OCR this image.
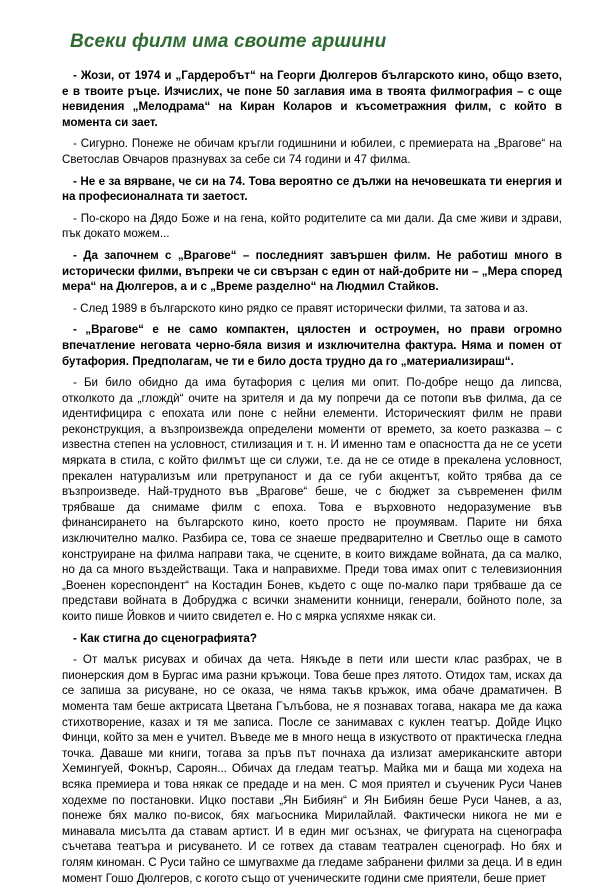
Всеки филм има своите аршини

- Жози, от 1974 и „Гардеробът“ на Георги Дюлгеров българското кино, общо взето, е в твоите ръце. Изчислих, че поне 50 заглавия има в твоята филмография – с още невидения „Мелодрама“ на Киран Коларов и късометражния филм, с който в момента си зает.

- Сигурно. Понеже не обичам кръгли годишнини и юбилеи, с премиерата на „Врагове“ на Светослав Овчаров празнувах за себе си 74 години и 47 филма.

- Не е за вярване, че си на 74. Това вероятно се дължи на нечовешката ти енергия и на професионалната ти заетост.

- По-скоро на Дядо Боже и на гена, който родителите са ми дали. Да сме живи и здрави, пък докато можем...

- Да започнем с „Врагове“ – последният завършен филм. Не работиш много в исторически филми, въпреки че си свързан с един от най-добрите ни – „Мера според мера“ на Дюлгеров, а и с „Време разделно“ на Людмил Стайков.

- След 1989 в българското кино рядко се правят исторически филми, та затова и аз.

- „Врагове“ е не само компактен, цялостен и остроумен, но прави огромно впечатление неговата черно-бяла визия и изключителна фактура. Няма и помен от бутафория. Предполагам, че ти е било доста трудно да го „материализираш“.

- Би било обидно да има бутафория с целия ми опит. По-добре нещо да липсва, отколкото да „глождѝ“ очите на зрителя и да му попречи да се потопи във филма, да се идентифицира с епохата или поне с нейни елементи. Историческият филм не прави реконструкция, а възпроизвежда определени моменти от времето, за което разказва – с известна степен на условност, стилизация и т. н. И именно там е опасността да не се усети мярката в стила, с който филмът ще си служи, т.е. да не се отиде в прекалена условност, прекален натурализъм или претрупаност и да се губи акцентът, който трябва да се възпроизведе. Най-трудното във „Врагове“ беше, че с бюджет за съвременен филм трябваше да снимаме филм с епоха. Това е върховното недоразумение във финансирането на българското кино, което просто не проумявам. Парите ни бяха изключително малко. Разбира се, това се знаеше предварително и Светльо още в самото конструиране на филма направи така, че сцените, в които виждаме войната, да са малко, но да са много въздействащи. Така и направихме. Преди това имах опит с телевизионния „Военен кореспондент“ на Костадин Бонев, където с още по-малко пари трябваше да се представи войната в Добруджа с всички знаменити конници, генерали, бойното поле, за които пише Йовков и чиито свидетел е. Но с мярка успяхме някак си.

- Как стигна до сценографията?

- От малък рисувах и обичах да чета. Някъде в пети или шести клас разбрах, че в пионерския дом в Бургас има разни кръжоци. Това беше през лятото. Отидох там, исках да се запиша за рисуване, но се оказа, че няма такъв кръжок, има обаче драматичен. В момента там беше актрисата Цветана Гълъбова, не я познавах тогава, накара ме да кажа стихотворение, казах и тя ме записа. После се занимавах с куклен театър. Дойде Ицко Финци, който за мен е учител. Въведе ме в много неща в изкуството от практическа гледна точка. Даваше ми книги, тогава за пръв път почнаха да излизат американските автори Хемингуей, Фокнър, Сароян... Обичах да гледам театър. Майка ми и баща ми ходеха на всяка премиера и това някак се предаде и на мен. С моя приятел и съученик Руси Чанев ходехме по постановки. Ицко постави „Ян Бибиян“ и Ян Бибиян беше Руси Чанев, а аз, понеже бях малко по-висок, бях магьосника Мирилайлай. Фактически никога не ми е минавала мисълта да ставам артист. И в един миг осъзнах, че фигурата на сценографа съчетава театъра и рисуването. И се готвех да ставам театрален сценограф. Но бях и голям киноман. С Руси тайно се шмугвахме да гледаме забранени филми за деца. И в един момент Гошо Дюлгеров, с когото също от ученическите години сме приятели, беше приет
